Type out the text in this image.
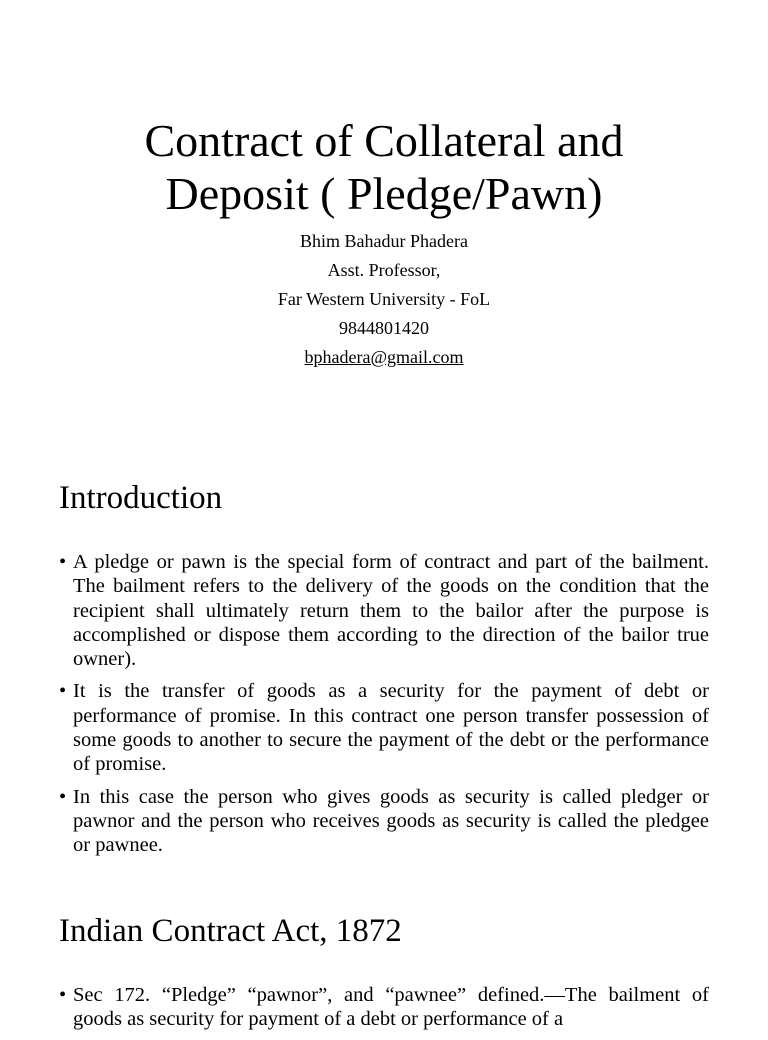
Contract of Collateral and
Deposit ( Pledge/Pawn)
Bhim Bahadur Phadera
Asst. Professor,
Far Western University - FoL
9844801420
bphadera@gmail.com
Introduction
• A pledge or pawn is the special form of contract and part of the bailment. The bailment refers to the delivery of the goods on the condition that the recipient shall ultimately return them to the bailor after the purpose is accomplished or dispose them according to the direction of the bailor true owner).
• It is the transfer of goods as a security for the payment of debt or performance of promise. In this contract one person transfer possession of some goods to another to secure the payment of the debt or the performance of promise.
• In this case the person who gives goods as security is called pledger or pawnor and the person who receives goods as security is called the pledgee or pawnee.
Indian Contract Act, 1872
• Sec 172. “Pledge” “pawnor”, and “pawnee” defined.—The bailment of goods as security for payment of a debt or performance of a
